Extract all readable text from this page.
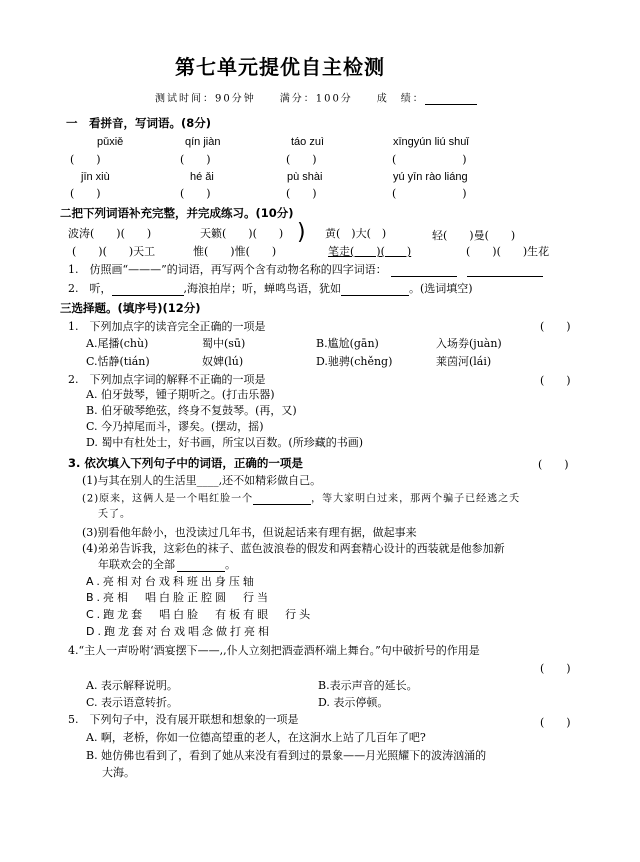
第七单元提优自主检测
测试时间：90分钟　　满分：100分　　成　绩：
一　看拼音，写词语。(8分)
pǔxiě	qín jiàn	táo zuì	xīngyún liú shuǐ
(　　)	(　　)	(　　)	(　　　　　　)
jīn xiù	hé ǎi	pù shài	yú yīn rào liáng
(　　)	(　　)	(　　)	(　　　　　　)
二把下列词语补充完整，并完成练习。(10分)
波涛(　　)(　　)	天籁(　　)(　　) ) 黄(　)大(　)	轻(　　)曼(　　)
(　　)(　　)天工	惟(　　)惟(　　)	笔走(　　)(　　)	(　　)(　　)生花
1.　仿照画“———”的词语，再写两个含有动物名称的四字词语：
2.　听，	,海浪拍岸；听，蝉鸣鸟语，犹如	。(选词填空)
三选择题。(填序号)(12分)
1.　下列加点字的读音完全正确的一项是	(　　)
A.尾播(chù)	蜀中(sū)	B.尴尬(gān)	入场券(juàn)
C.恬静(tián)	奴婢(lú)	D.驰骋(chěng)	莱茵河(lái)
2.　下列加点字词的解释不正确的一项是	(　　)
A. 伯牙鼓琴，锺子期听之。(打击乐器)
B. 伯牙破琴绝弦，终身不复鼓琴。(再，又)
C. 今乃掉尾而斗，谬矣。(摆动，摇)
D. 蜀中有杜处士，好书画，所宝以百数。(所珍藏的书画)
3. 依次填入下列句子中的词语，正确的一项是	(　　)
(1)与其在别人的生活里____,还不如精彩做自己。
(2)原来，这俩人是一个唱红脸一个	，等大家明白过来，那两个骗子已经逃之夭
夭了。
(3)别看他年龄小，也没读过几年书，但说起话来有理有据，做起事来
(4)弟弟告诉我，这彩色的袜子、蓝色波浪卷的假发和两套精心设计的西装就是他参加新
年联欢会的全部	。
A.亮相对台戏科班出身压轴
B.亮相　唱白脸正腔圆　行当
C.跑龙套　唱白脸　有板有眼　行头
D.跑龙套对台戏唱念做打亮相
4.“主人一声吩咐‘酒宴摆下——,,仆人立刻把酒壶酒杯端上舞台。”句中破折号的作用是
(　　)
A. 表示解释说明。	B.表示声音的延长。
C. 表示语意转折。	D. 表示停顿。
5.　下列句子中，没有展开联想和想象的一项是	(　　)
A. 啊，老桥，你如一位德高望重的老人，在这涧水上站了几百年了吧?
B. 她仿佛也看到了，看到了她从来没有看到过的景象——月光照耀下的波涛汹涌的
大海。
